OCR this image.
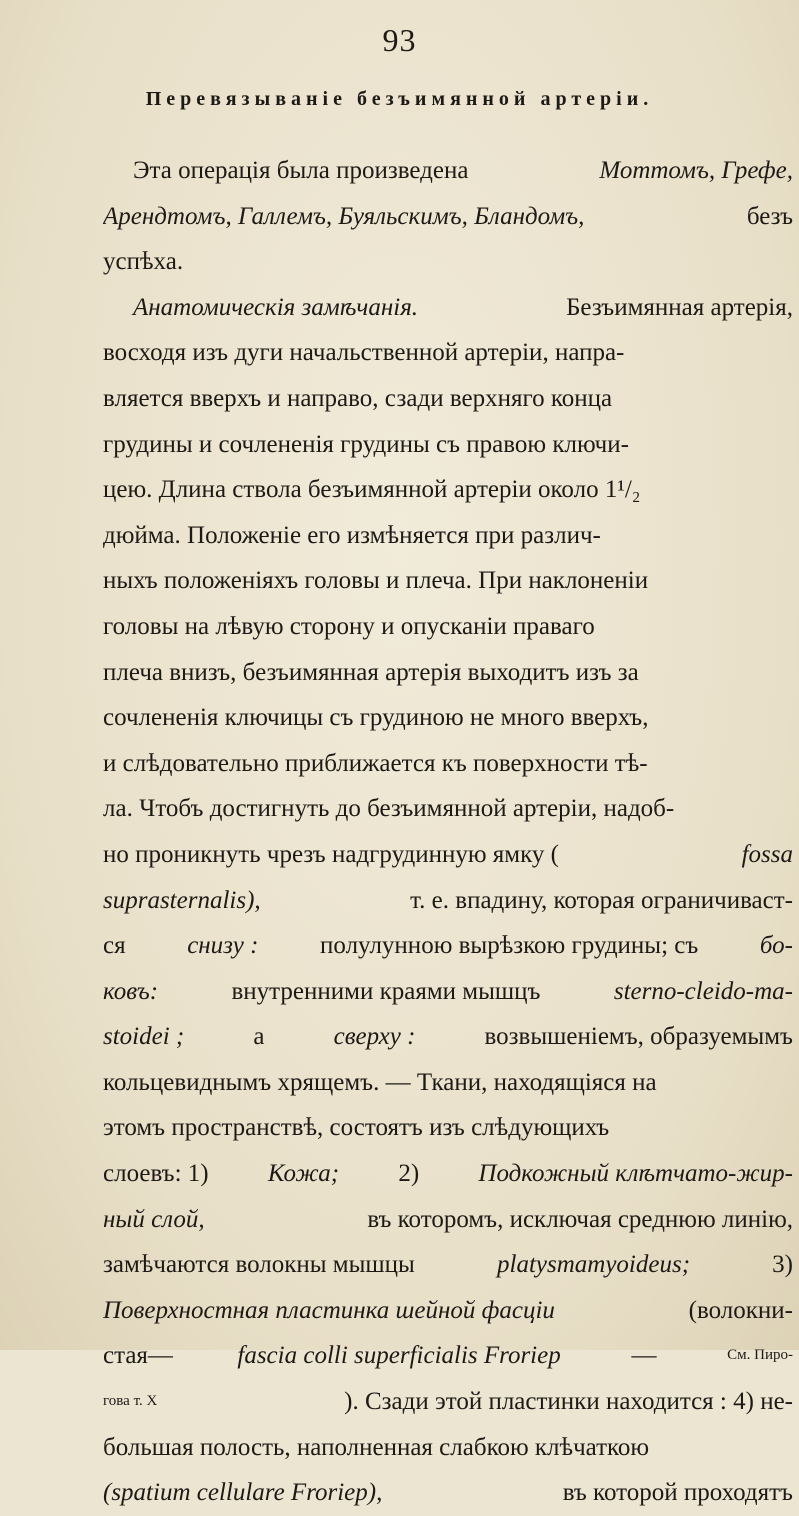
93
Перевязываніе безъимянной артеріи.
Эта операція была произведена	Моттомъ, Грефе,
Арендтомъ, Галлемъ, Буяльскимъ, Бландомъ,	безъ
успѣха.
Анатомическія замѣчанія.	Безъимянная артерія,
восходя изъ дуги начальственной артеріи, напра-
вляется вверхъ и направо, сзади верхняго конца
грудины и сочлененія грудины съ правою ключи-
цею. Длина ствола безъимянной артеріи около 1¹/₂
дюйма. Положеніе его измѣняется при различ-
ныхъ положеніяхъ головы и плеча. При наклоненіи
головы на лѣвую сторону и опусканіи праваго
плеча внизъ, безъимянная артерія выходитъ изъ за
сочлененія ключицы съ грудиною не много вверхъ,
и слѣдовательно приближается къ поверхности тѣ-
ла. Чтобъ достигнуть до безъимянной артеріи, надоб-
но проникнуть чрезъ надгрудинную ямку (	fossa
suprasternalis),	т. е. впадину, которая ограничиваст-
ся снизу : полулунною вырѣзкою грудины; съ бо-
ковъ:	внутренними краями мышцъ	sterno-cleido-ma-
stoidei ;	а	сверху :	возвышеніемъ, образуемымъ
кольцевиднымъ хрящемъ. — Ткани, находящіяся на
этомъ пространствѣ, состоятъ изъ слѣдующихъ
слоевъ: 1) Кожа; 2) Подкожный клѣтчато-жир-
ный слой,	въ которомъ, исключая среднюю линію,
замѣчаются волокны мышцы	platysmamyoideus;	3)
Поверхностная пластинка шейной фасціи	(волокни-
стая—	fascia colli superficialis Froriep	—	См. Пиро-
гова т. X	). Сзади этой пластинки находится : 4) не-
большая полость, наполненная слабкою клѣчаткою
(spatium cellulare Froriep),	въ которой проходятъ
